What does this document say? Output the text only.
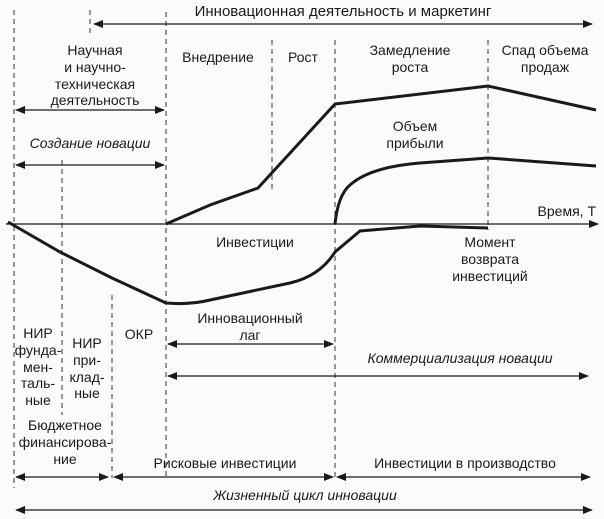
Инновационная деятельность и маркетинг
Научная
и научно-
техническая
деятельность
Внедрение	Рост	Замедление
роста
Спад объема
продаж
Создание новации
Объем
прибыли
Время, T
Инвестиции	Момент
возврата
инвестиций
Инновационный
лаг
НИР
фунда-
мен-
таль-
ные
НИР
при-
клад-
ные
ОКР
Коммерциализация новации
Бюджетное
финансирова-
ние	Рисковые инвестиции	Инвестиции в производство
Жизненный цикл инновации
